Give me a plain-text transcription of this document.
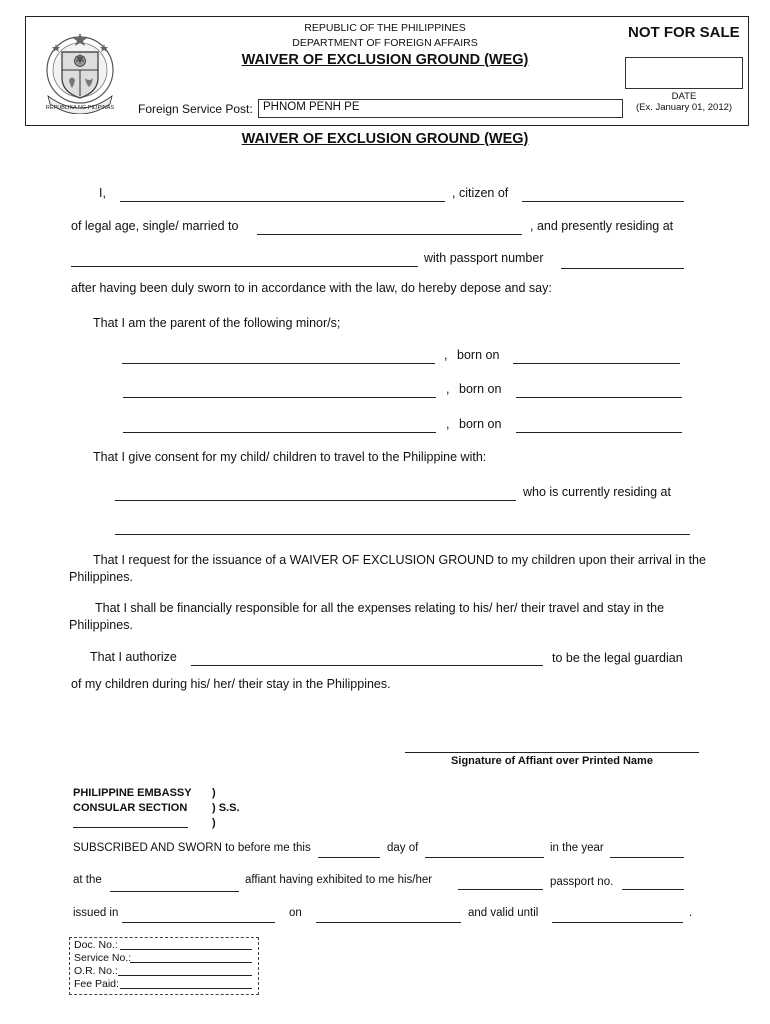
REPUBLIKA NG PILIPINAS
REPUBLIC OF THE PHILIPPINES
DEPARTMENT OF FOREIGN AFFAIRS
WAIVER OF EXCLUSION GROUND (WEG)
NOT FOR SALE
DATE
(Ex. January 01, 2012)
Foreign Service Post: PHNOM PENH PE
WAIVER OF EXCLUSION GROUND (WEG)
I,	, citizen of
of legal age, single/ married to	, and presently residing at
with passport number
after having been duly sworn to in accordance with the law, do hereby depose and say:
That I am the parent of the following minor/s;
, born on
, born on
, born on
That I give consent for my child/ children to travel to the Philippine with:
who is currently residing at
That I request for the issuance of a WAIVER OF EXCLUSION GROUND to my children upon their arrival in the Philippines.
That I shall be financially responsible for all the expenses relating to his/ her/ their travel and stay in the Philippines.
That I authorize	to be the legal guardian
of my children during his/ her/ their stay in the Philippines.
Signature of Affiant over Printed Name
PHILIPPINE EMBASSY
CONSULAR SECTION
)
) S.S.
)
SUBSCRIBED AND SWORN to before me this	day of	in the year
at the	affiant having exhibited to me his/her	passport no.
issued in	on	and valid until	.
Doc. No.:
Service No.:
O.R. No.:
Fee Paid:
